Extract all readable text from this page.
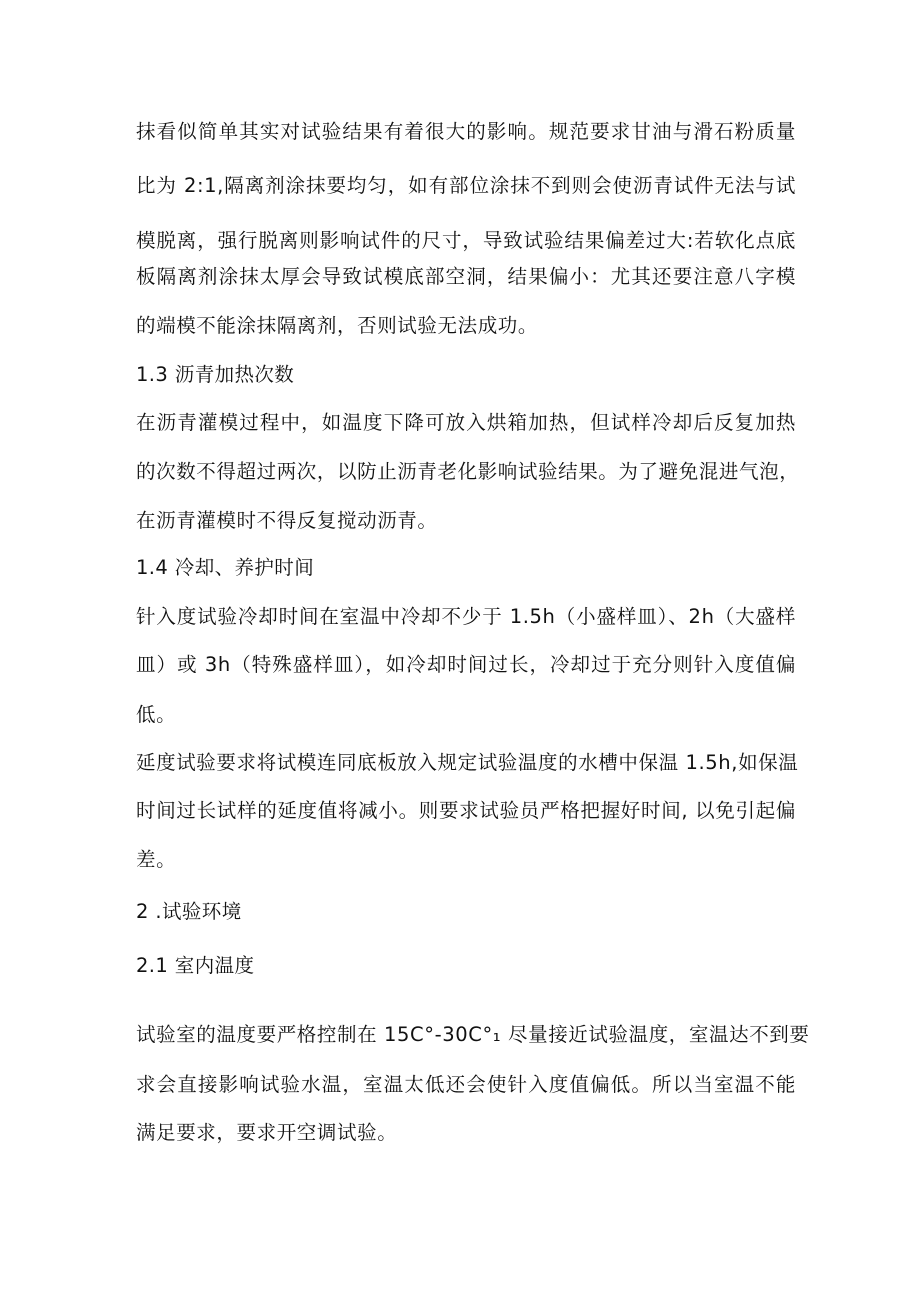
抹看似简单其实对试验结果有着很大的影响。规范要求甘油与滑石粉质量
比为 2:1,隔离剂涂抹要均匀，如有部位涂抹不到则会使沥青试件无法与试
模脱离，强行脱离则影响试件的尺寸，导致试验结果偏差过大:若软化点底
板隔离剂涂抹太厚会导致试模底部空洞，结果偏小：尤其还要注意八字模
的端模不能涂抹隔离剂，否则试验无法成功。
1.3 沥青加热次数
在沥青灌模过程中，如温度下降可放入烘箱加热，但试样冷却后反复加热
的次数不得超过两次，以防止沥青老化影响试验结果。为了避免混进气泡，
在沥青灌模时不得反复搅动沥青。
1.4 冷却、养护时间
针入度试验冷却时间在室温中冷却不少于 1.5h（小盛样皿）、2h（大盛样
皿）或 3h（特殊盛样皿），如冷却时间过长，冷却过于充分则针入度值偏
低。
延度试验要求将试模连同底板放入规定试验温度的水槽中保温 1.5h,如保温
时间过长试样的延度值将减小。则要求试验员严格把握好时间, 以免引起偏
差。
2 .试验环境
2.1 室内温度
试验室的温度要严格控制在 15C°-30C°₁ 尽量接近试验温度，室温达不到要
求会直接影响试验水温，室温太低还会使针入度值偏低。所以当室温不能
满足要求，要求开空调试验。
